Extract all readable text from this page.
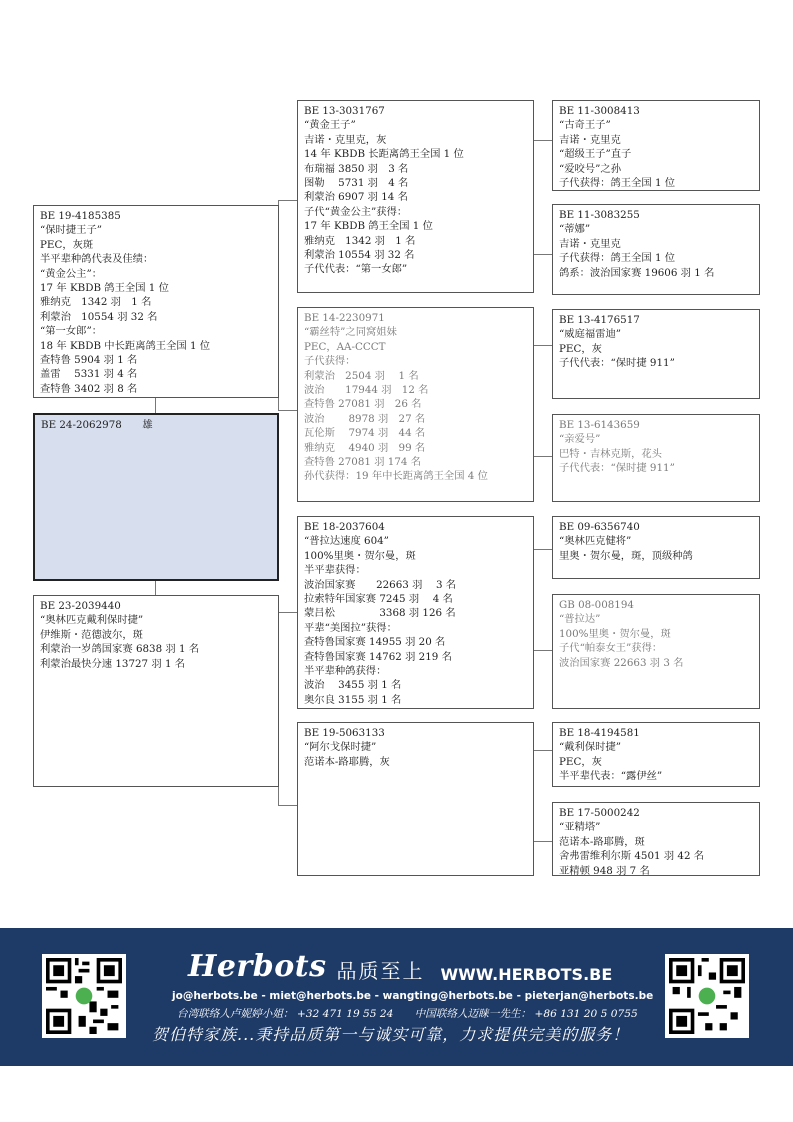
BE 19-4185385
“保时捷王子”
PEC，灰斑
半平辈种鸽代表及佳绩：
“黄金公主”：
17 年 KBDB 鸽王全国 1 位
雅纳克　1342 羽　1 名
利蒙治　10554 羽 32 名
“第一女郎”：
18 年 KBDB 中长距离鸽王全国 1 位
查特鲁 5904 羽 1 名
盖雷　 5331 羽 4 名
查特鲁 3402 羽 8 名
BE 24-2062978　　雄
BE 23-2039440
“奥林匹克戴利保时捷”
伊维斯・范德波尔，斑
利蒙治一岁鸽国家赛 6838 羽 1 名
利蒙治最快分速 13727 羽 1 名
BE 13-3031767
“黄金王子”
吉诺・克里克，灰
14 年 KBDB 长距离鸽王全国 1 位
布瑞福 3850 羽　3 名
图勒　 5731 羽　4 名
利蒙治 6907 羽 14 名
子代“黄金公主”获得：
17 年 KBDB 鸽王全国 1 位
雅纳克　1342 羽　1 名
利蒙治 10554 羽 32 名
子代代表：“第一女郎”
BE 14-2230971
“霸丝特”之同窝姐妹
PEC，AA-CCCT
子代获得：
利蒙治　2504 羽　 1 名
波治　　17944 羽　12 名
查特鲁 27081 羽　26 名
波治　　 8978 羽　27 名
瓦伦斯　 7974 羽　44 名
雅纳克　 4940 羽　99 名
查特鲁 27081 羽 174 名
孙代获得：19 年中长距离鸽王全国 4 位
BE 18-2037604
“普拉达速度 604”
100%里奥・贺尔曼，斑
半平辈获得：
波治国家赛　　22663 羽　 3 名
拉索特年国家赛 7245 羽　 4 名
蒙吕松　　　　 3368 羽 126 名
平辈“美图拉”获得：
查特鲁国家赛 14955 羽 20 名
查特鲁国家赛 14762 羽 219 名
半平辈种鸽获得：
波治　 3455 羽 1 名
奥尔良 3155 羽 1 名
BE 19-5063133
“阿尔戈保时捷”
范诺本-路耶腾，灰
BE 11-3008413
“古奇王子”
吉诺・克里克
“超级王子”直子
“爱咬号”之孙
子代获得：鸽王全国 1 位
BE 11-3083255
“蒂娜”
吉诺・克里克
子代获得：鸽王全国 1 位
鸽系：波治国家赛 19606 羽 1 名
BE 13-4176517
“威庭福雷迪”
PEC，灰
子代代表：“保时捷 911”
BE 13-6143659
“亲爱号”
巴特・吉林克斯，花头
子代代表：“保时捷 911”
BE 09-6356740
“奥林匹克健将”
里奥・贺尔曼，斑，顶级种鸽
GB 08-008194
“普拉达”
100%里奥・贺尔曼，斑
子代“帕泰女王”获得：
波治国家赛 22663 羽 3 名
BE 18-4194581
“戴利保时捷”
PEC，灰
半平辈代表：“露伊丝”
BE 17-5000242
“亚精塔”
范诺本-路耶腾，斑
舍弗雷维利尔斯 4501 羽 42 名
亚精顿 948 羽 7 名
Herbots 品质至上 WWW.HERBOTS.BE
jo@herbots.be - miet@herbots.be - wangting@herbots.be - pieterjan@herbots.be
台湾联络人卢妮婷小姐： +32 471 19 55 24　　中国联络人迈睐一先生： +86 131 20 5 0755
贺伯特家族...秉持品质第一与诚实可靠，力求提供完美的服务！
